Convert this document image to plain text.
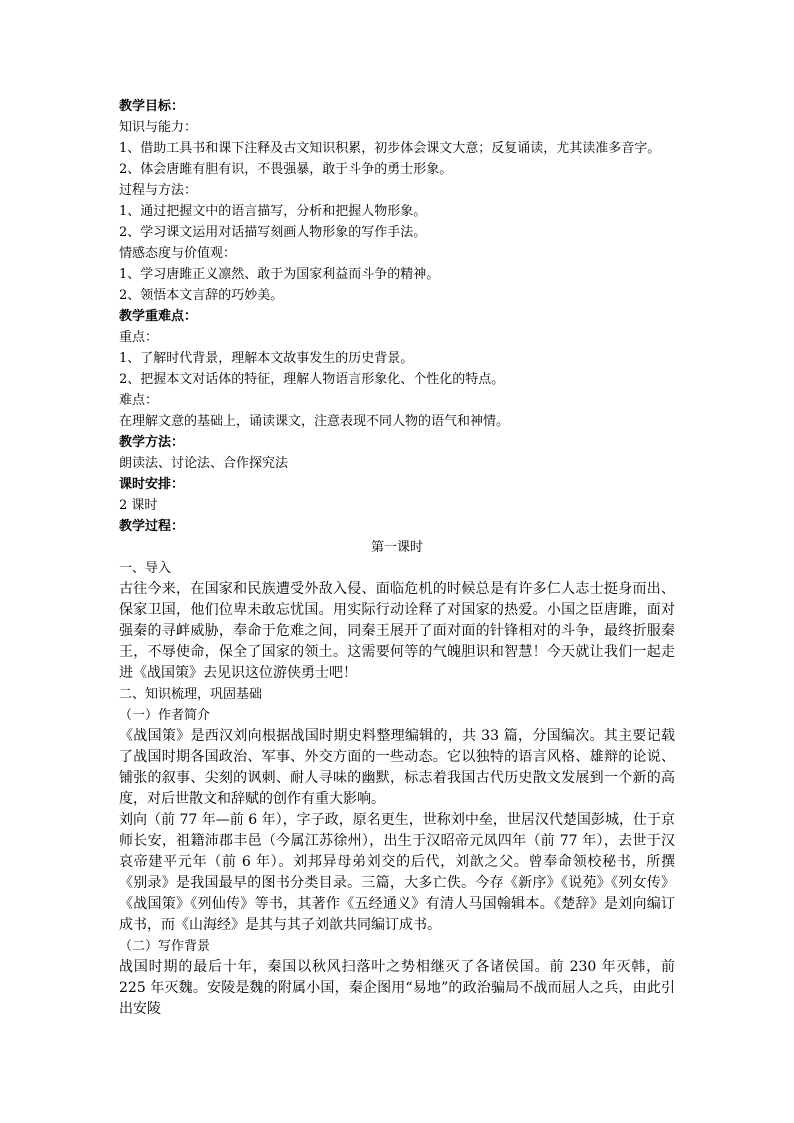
教学目标：

知识与能力：

1、借助工具书和课下注释及古文知识积累，初步体会课文大意；反复诵读，尤其读准多音字。

2、体会唐雎有胆有识，不畏强暴，敢于斗争的勇士形象。

过程与方法：

1、通过把握文中的语言描写，分析和把握人物形象。

2、学习课文运用对话描写刻画人物形象的写作手法。

情感态度与价值观：

1、学习唐雎正义凛然、敢于为国家利益而斗争的精神。

2、领悟本文言辞的巧妙美。

教学重难点：

重点：

1、了解时代背景，理解本文故事发生的历史背景。

2、把握本文对话体的特征，理解人物语言形象化、个性化的特点。

难点：

在理解文意的基础上，诵读课文，注意表现不同人物的语气和神情。

教学方法：

朗读法、讨论法、合作探究法

课时安排：

2 课时

教学过程：

第一课时

一、导入

古往今来，在国家和民族遭受外敌入侵、面临危机的时候总是有许多仁人志士挺身而出、保家卫国，他们位卑未敢忘忧国。用实际行动诠释了对国家的热爱。小国之臣唐雎，面对强秦的寻衅威胁，奉命于危难之间，同秦王展开了面对面的针锋相对的斗争，最终折服秦王，不辱使命，保全了国家的领土。这需要何等的气魄胆识和智慧！今天就让我们一起走进《战国策》去见识这位游侠勇士吧！

二、知识梳理，巩固基础

（一）作者简介

《战国策》是西汉刘向根据战国时期史料整理编辑的，共 33 篇，分国编次。其主要记载了战国时期各国政治、军事、外交方面的一些动态。它以独特的语言风格、雄辩的论说、铺张的叙事、尖刻的讽刺、耐人寻味的幽默，标志着我国古代历史散文发展到一个新的高度，对后世散文和辞赋的创作有重大影响。

刘向（前 77 年—前 6 年），字子政，原名更生，世称刘中垒，世居汉代楚国彭城，仕于京师长安，祖籍沛郡丰邑（今属江苏徐州），出生于汉昭帝元凤四年（前 77 年），去世于汉哀帝建平元年（前 6 年）。刘邦异母弟刘交的后代，刘歆之父。曾奉命领校秘书，所撰《别录》是我国最早的图书分类目录。三篇，大多亡佚。今存《新序》《说苑》《列女传》《战国策》《列仙传》等书，其著作《五经通义》有清人马国翰辑本。《楚辞》是刘向编订成书，而《山海经》是其与其子刘歆共同编订成书。

（二）写作背景

战国时期的最后十年，秦国以秋风扫落叶之势相继灭了各诸侯国。前 230 年灭韩，前 225 年灭魏。安陵是魏的附属小国，秦企图用“易地”的政治骗局不战而屈人之兵，由此引出安陵
